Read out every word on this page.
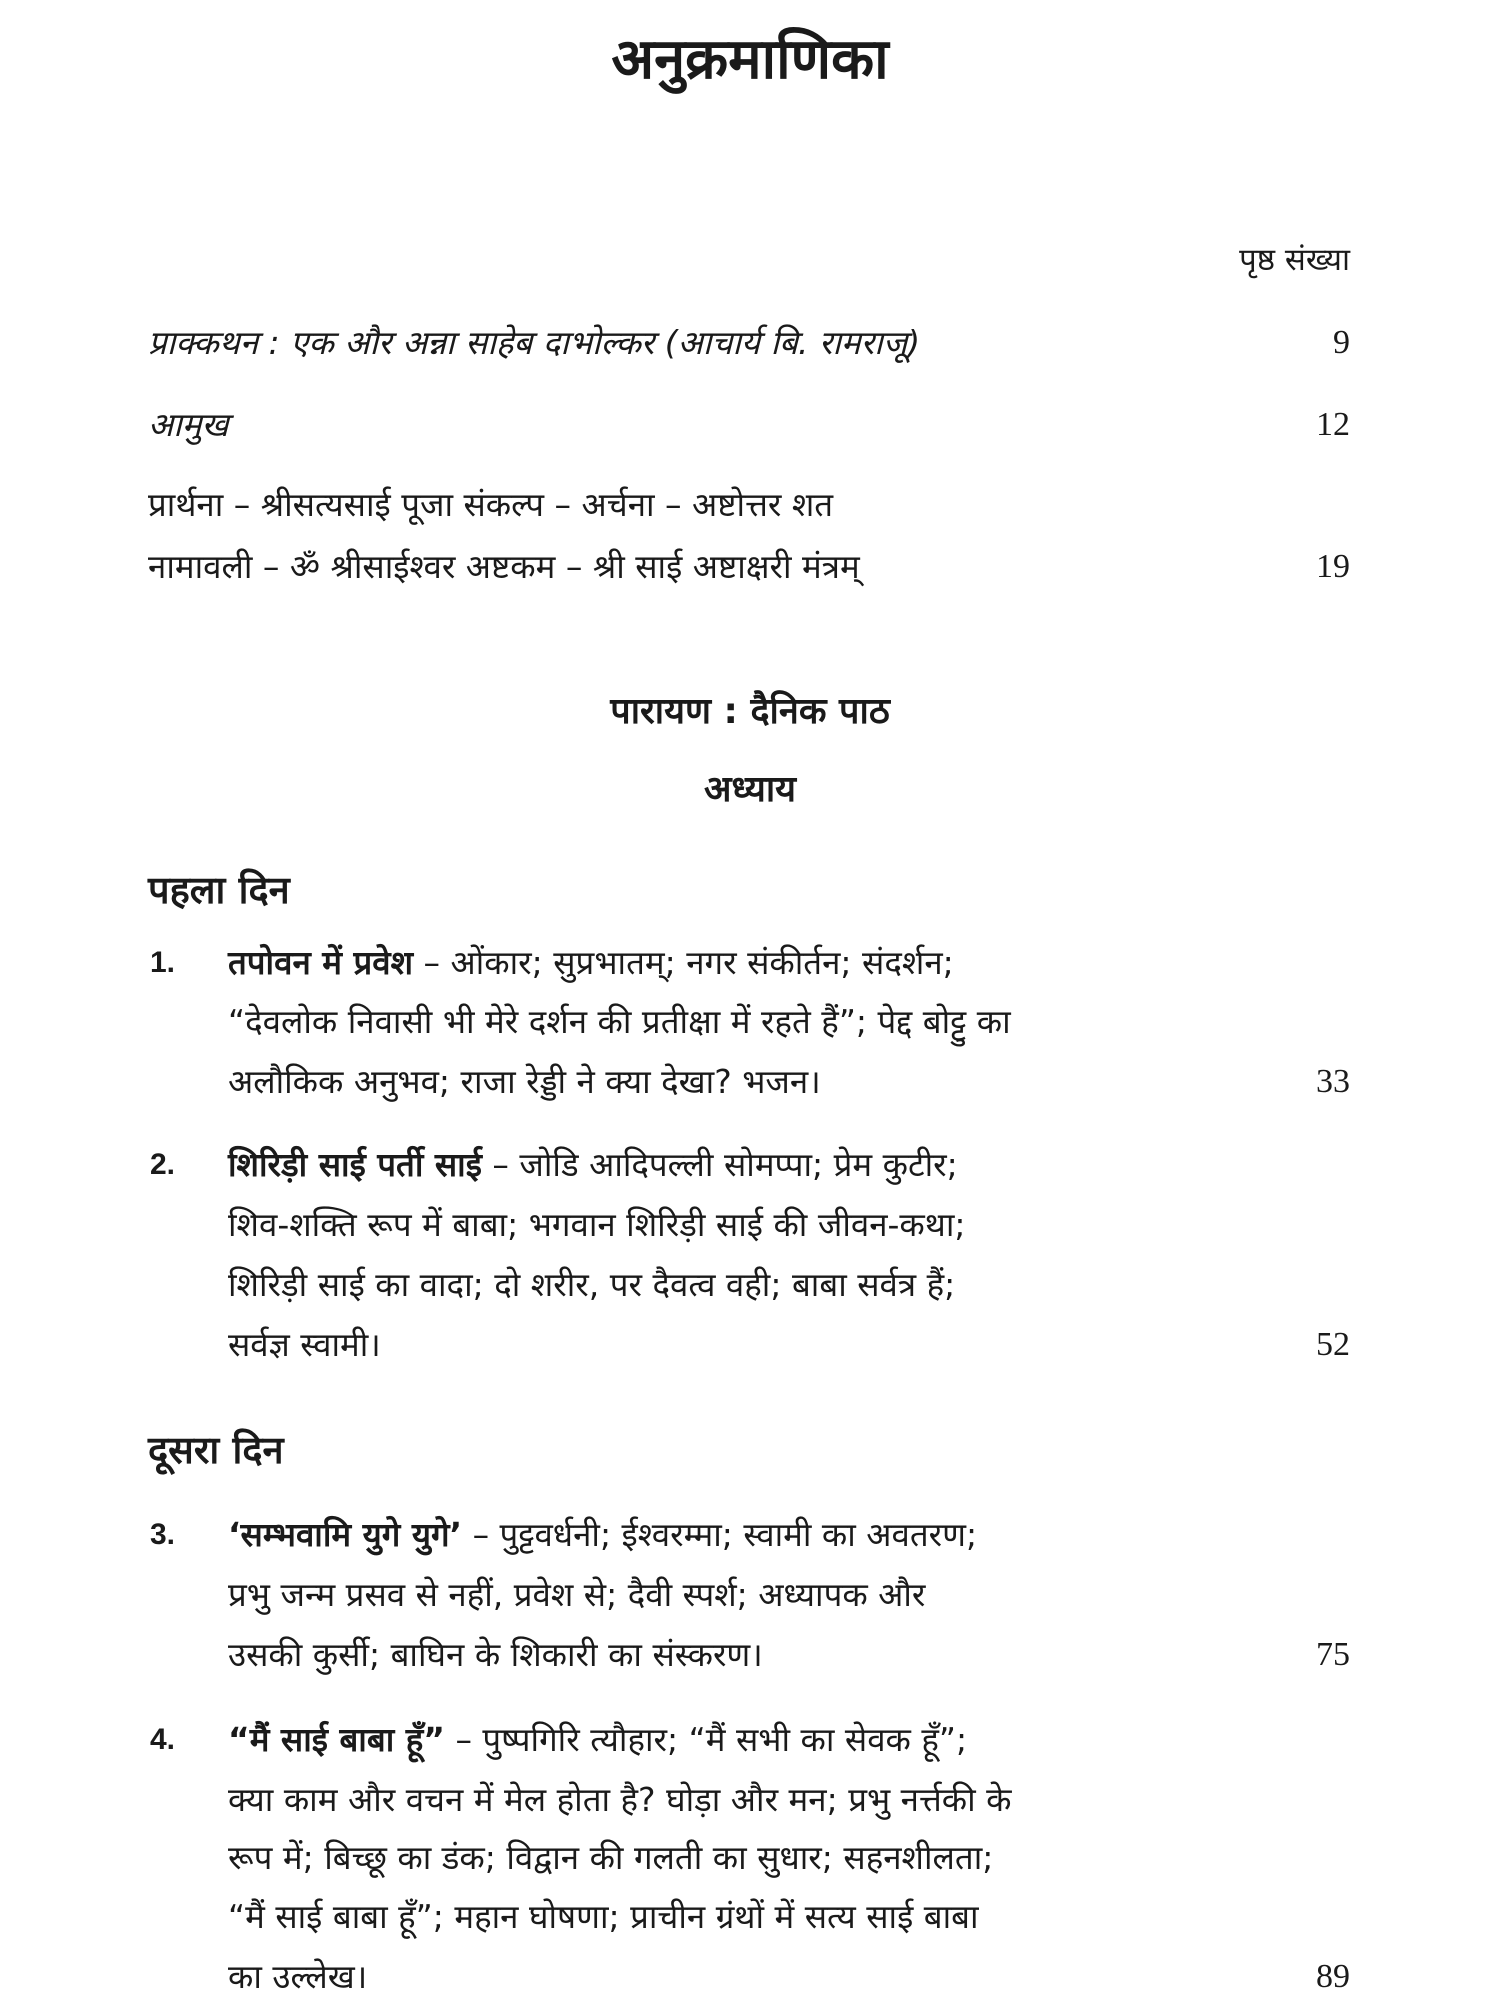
अनुक्रमाणिका
पृष्ठ संख्या
प्राक्कथन : एक और अन्ना साहेब दाभोल्कर (आचार्य बि. रामराजू)	9
आमुख	12
प्रार्थना – श्रीसत्यसाई पूजा संकल्प – अर्चना – अष्टोत्तर शत
नामावली – ॐ श्रीसाईश्वर अष्टकम – श्री साई अष्टाक्षरी मंत्रम्	19
पारायण : दैनिक पाठ
अध्याय
पहला दिन
1. तपोवन में प्रवेश – ओंकार; सुप्रभातम्; नगर संकीर्तन; संदर्शन;
“देवलोक निवासी भी मेरे दर्शन की प्रतीक्षा में रहते हैं”; पेद्द बोट्टु का
अलौकिक अनुभव; राजा रेड्डी ने क्या देखा? भजन।	33
2. शिरिड़ी साई पर्ती साई – जोडि आदिपल्ली सोमप्पा; प्रेम कुटीर;
शिव-शक्ति रूप में बाबा; भगवान शिरिड़ी साई की जीवन-कथा;
शिरिड़ी साई का वादा; दो शरीर, पर दैवत्व वही; बाबा सर्वत्र हैं;
सर्वज्ञ स्वामी।	52
दूसरा दिन
3. ‘सम्भवामि युगे युगे’ – पुट्टवर्धनी; ईश्वरम्मा; स्वामी का अवतरण;
प्रभु जन्म प्रसव से नहीं, प्रवेश से; दैवी स्पर्श; अध्यापक और
उसकी कुर्सी; बाघिन के शिकारी का संस्करण।	75
4. “मैं साई बाबा हूँ” – पुष्पगिरि त्यौहार; “मैं सभी का सेवक हूँ”;
क्या काम और वचन में मेल होता है? घोड़ा और मन; प्रभु नर्त्तकी के
रूप में; बिच्छू का डंक; विद्वान की गलती का सुधार; सहनशीलता;
“मैं साई बाबा हूँ”; महान घोषणा; प्राचीन ग्रंथों में सत्य साई बाबा
का उल्लेख।	89
